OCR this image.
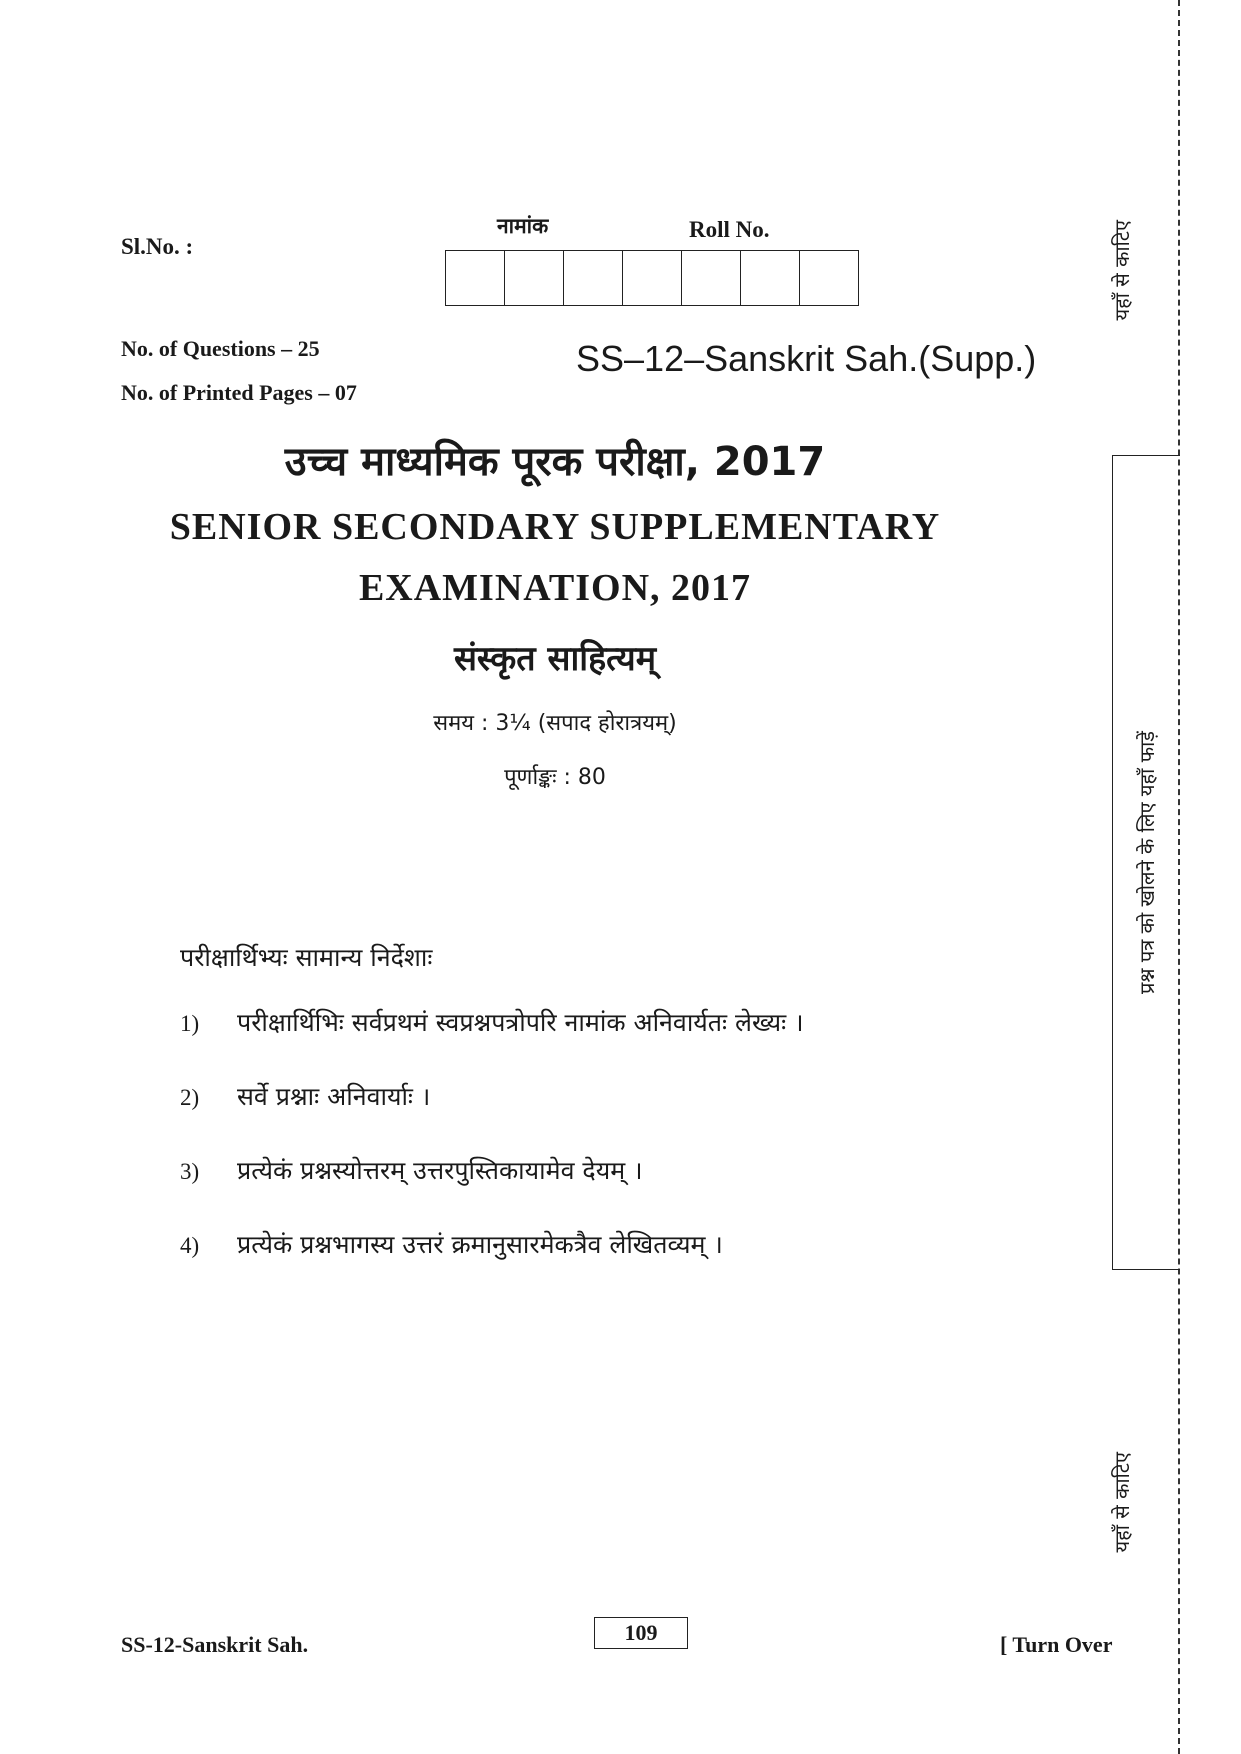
Sl.No. :
नामांक	Roll No.
No. of Questions – 25
No. of Printed Pages – 07
SS–12–Sanskrit Sah.(Supp.)
उच्च माध्यमिक पूरक परीक्षा, 2017
SENIOR SECONDARY SUPPLEMENTARY
EXAMINATION, 2017
संस्कृत साहित्यम्
समय : 3¼ (सपाद होरात्रयम्)
पूर्णाङ्कः : 80
परीक्षार्थिभ्यः सामान्य निर्देशाः
1)	परीक्षार्थिभिः सर्वप्रथमं स्वप्रश्नपत्रोपरि नामांक अनिवार्यतः लेख्यः ।
2)	सर्वे प्रश्नाः अनिवार्याः ।
3)	प्रत्येकं प्रश्नस्योत्तरम् उत्तरपुस्तिकायामेव देयम् ।
4)	प्रत्येकं प्रश्नभागस्य उत्तरं क्रमानुसारमेकत्रैव लेखितव्यम् ।
यहाँ से काटिए
प्रश्न पत्र को खोलने के लिए यहाँ फाड़ें
यहाँ से काटिए
SS-12-Sanskrit Sah.	109	[ Turn Over
